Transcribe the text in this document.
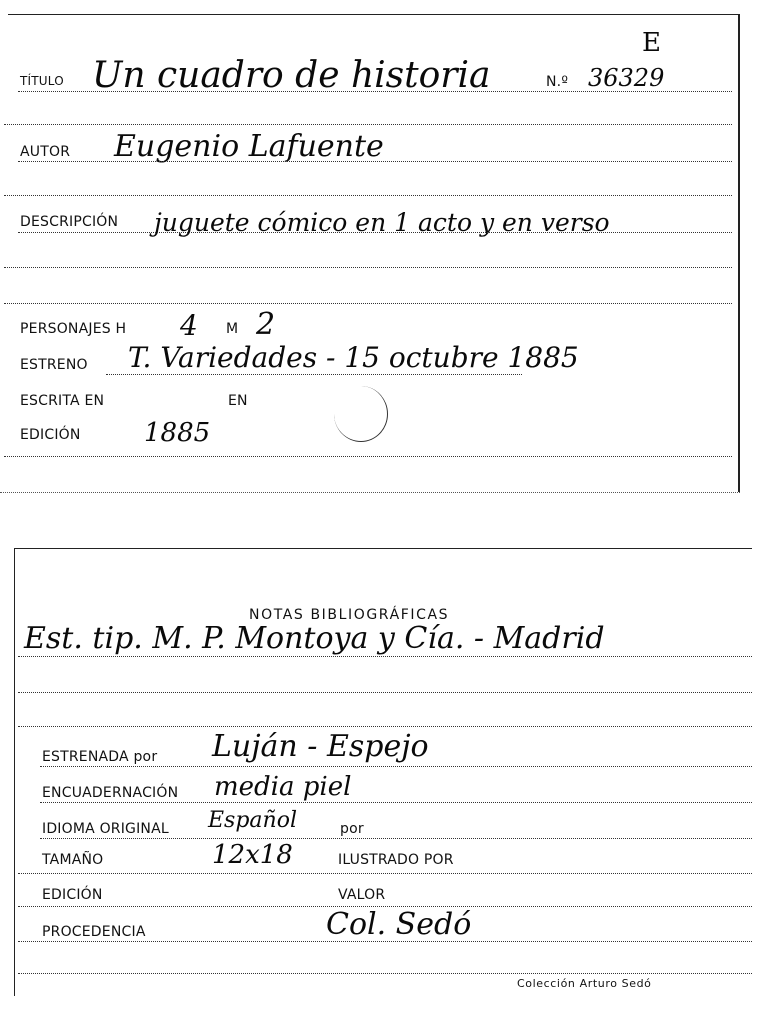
E
TÍTULO Un cuadro de historia	N.º 36329
AUTOR Eugenio Lafuente
DESCRIPCIÓN juguete cómico en 1 acto y en verso
PERSONAJES H 4 M 2
ESTRENO T. Variedades - 15 octubre 1885
ESCRITA EN	EN
EDICIÓN 1885
NOTAS BIBLIOGRÁFICAS
Est. tip. M. P. Montoya y Cía. - Madrid
ESTRENADA por Luján - Espejo
ENCUADERNACIÓN media piel
IDIOMA ORIGINAL Español	por
TAMAÑO	12x18	ILUSTRADO POR
EDICIÓN	VALOR
PROCEDENCIA	Col. Sedó
Colección Arturo Sedó
